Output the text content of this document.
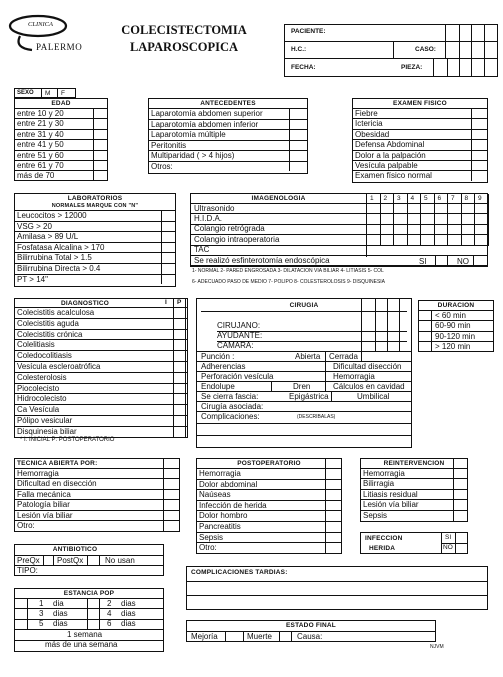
CLINICA
PALERMO
COLECISTECTOMIA
LAPAROSCOPICA
PACIENTE:
H.C.:	CASO:
FECHA:	PIEZA:
SEXO M F
EDAD
entre 10 y 20
entre 21 y 30
entre 31 y 40
entre 41 y 50
entre 51 y 60
entre 61 y 70
más de 70
ANTECEDENTES
Laparotomía abdomen superior
Laparotomía abdomen inferior
Laparotomía múltiple
Peritonitis
Multiparidad ( > 4 hijos)
Otros:
EXAMEN FISICO
Fiebre
Ictericia
Obesidad
Defensa Abdominal
Dolor a la palpación
Vesícula palpable
Examen físico normal
LABORATORIOS
NORMALES MARQUE CON "N"
Leucocitos > 12000
VSG > 20
Amilasa > 89 U/L
Fosfatasa Alcalina > 170
Bilirrubina Total > 1.5
Bilirrubina Directa > 0.4
PT > 14"
IMAGENOLOGIA	1 2 3 4 5 6 7 8 9
Ultrasonido
H.I.D.A.
Colangio retrógrada
Colangio intraoperatoria
TAC
Se realizó esfinterotomía endoscópica	SI	NO
1- NORMAL 2- PARED ENGROSADA 3- DILATACION VIA BILIAR 4- LITIASIS 5- COL
6- ADECUADO PASO DE MEDIO 7- POLIPO 8- COLESTEROLOSIS 9- DISQUINESIA
DIAGNOSTICO	I P
Colecistitis acalculosa
Colecistitis aguda
Colecistitis crónica
Colelitiasis
Coledocolitiasis
Vesícula escleroatrófica
Colesterolosis
Piocolecisto
Hidrocolecisto
Ca Vesícula
Pólipo vesicular
Disquinesia biliar
* I: INICIAL P: POSTOPERATORIO
CIRUGIA
CIRUJANO:
AYUDANTE:
CAMARA:
Punción :	Abierta Cerrada
Adherencias	Dificultad disección
Perforación vesícula	Hemorragia
Endolupe	Dren	Cálculos en cavidad
Se cierra fascia:	Epigástrica	Umbilical
Cirugía asociada:
Complicaciones:	(DESCRIBALAS)
DURACION
< 60 min
60-90 min
90-120 min
> 120 min
TECNICA ABIERTA POR:
Hemorragia
Dificultad en disección
Falla mecánica
Patología biliar
Lesión vía biliar
Otro:
POSTOPERATORIO
Hemorragia
Dolor abdominal
Naúseas
Infección de herida
Dolor hombro
Pancreatitis
Sepsis
Otro:
REINTERVENCION
Hemorragia
Bilirragia
Litiasis residual
Lesión vía biliar
Sepsis
INFECCION
HERIDA
SI
NO
ANTIBIOTICO
PreQx PostQx	No usan
TIPO:	COMPLICACIONES TARDIAS:
ESTANCIA POP
1 dia	2 dias
3 dias	4 dias
5 dias	6 dias
1 semana
más de una semana
ESTADO FINAL
Mejoría	Muerte	Causa:
NJVM
